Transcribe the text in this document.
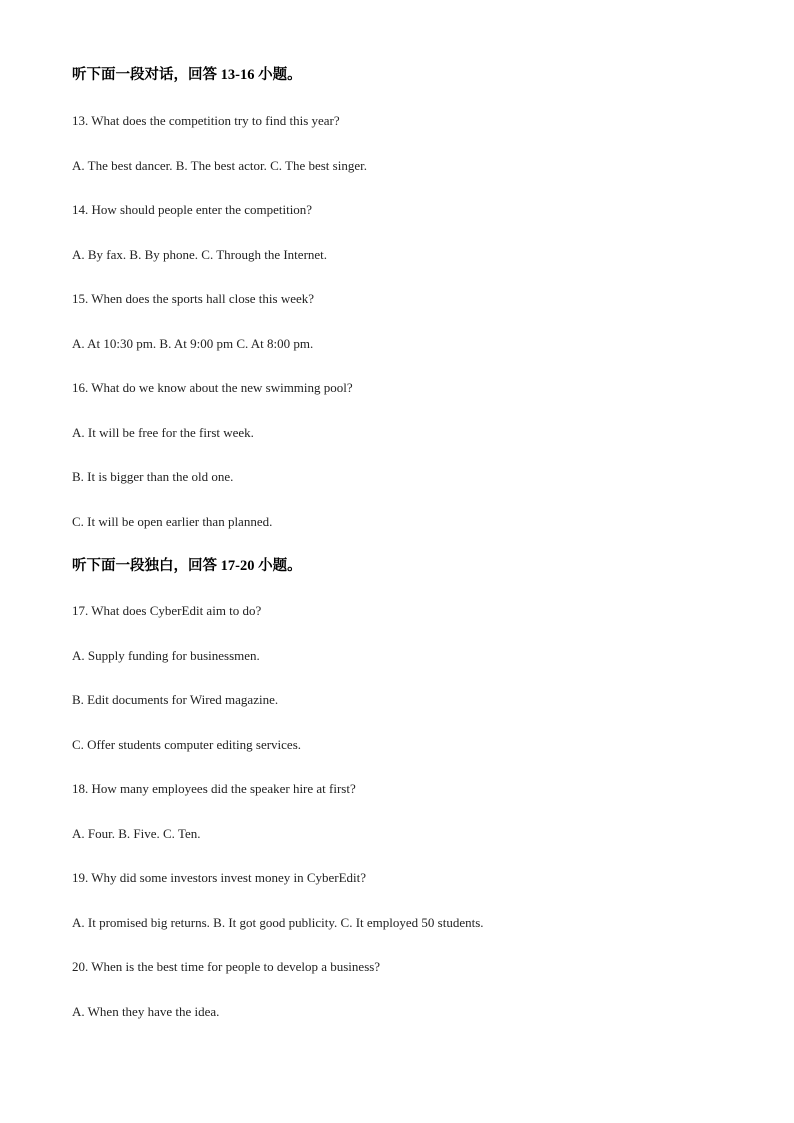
听下面一段对话，回答 13-16 小题。
13. What does the competition try to find this year?
A. The best dancer. B. The best actor. C. The best singer.
14. How should people enter the competition?
A. By fax. B. By phone. C. Through the Internet.
15. When does the sports hall close this week?
A. At 10:30 pm. B. At 9:00 pm C. At 8:00 pm.
16. What do we know about the new swimming pool?
A. It will be free for the first week.
B. It is bigger than the old one.
C. It will be open earlier than planned.
听下面一段独白，回答 17-20 小题。
17. What does CyberEdit aim to do?
A. Supply funding for businessmen.
B. Edit documents for Wired magazine.
C. Offer students computer editing services.
18. How many employees did the speaker hire at first?
A. Four. B. Five. C. Ten.
19. Why did some investors invest money in CyberEdit?
A. It promised big returns. B. It got good publicity. C. It employed 50 students.
20. When is the best time for people to develop a business?
A. When they have the idea.
